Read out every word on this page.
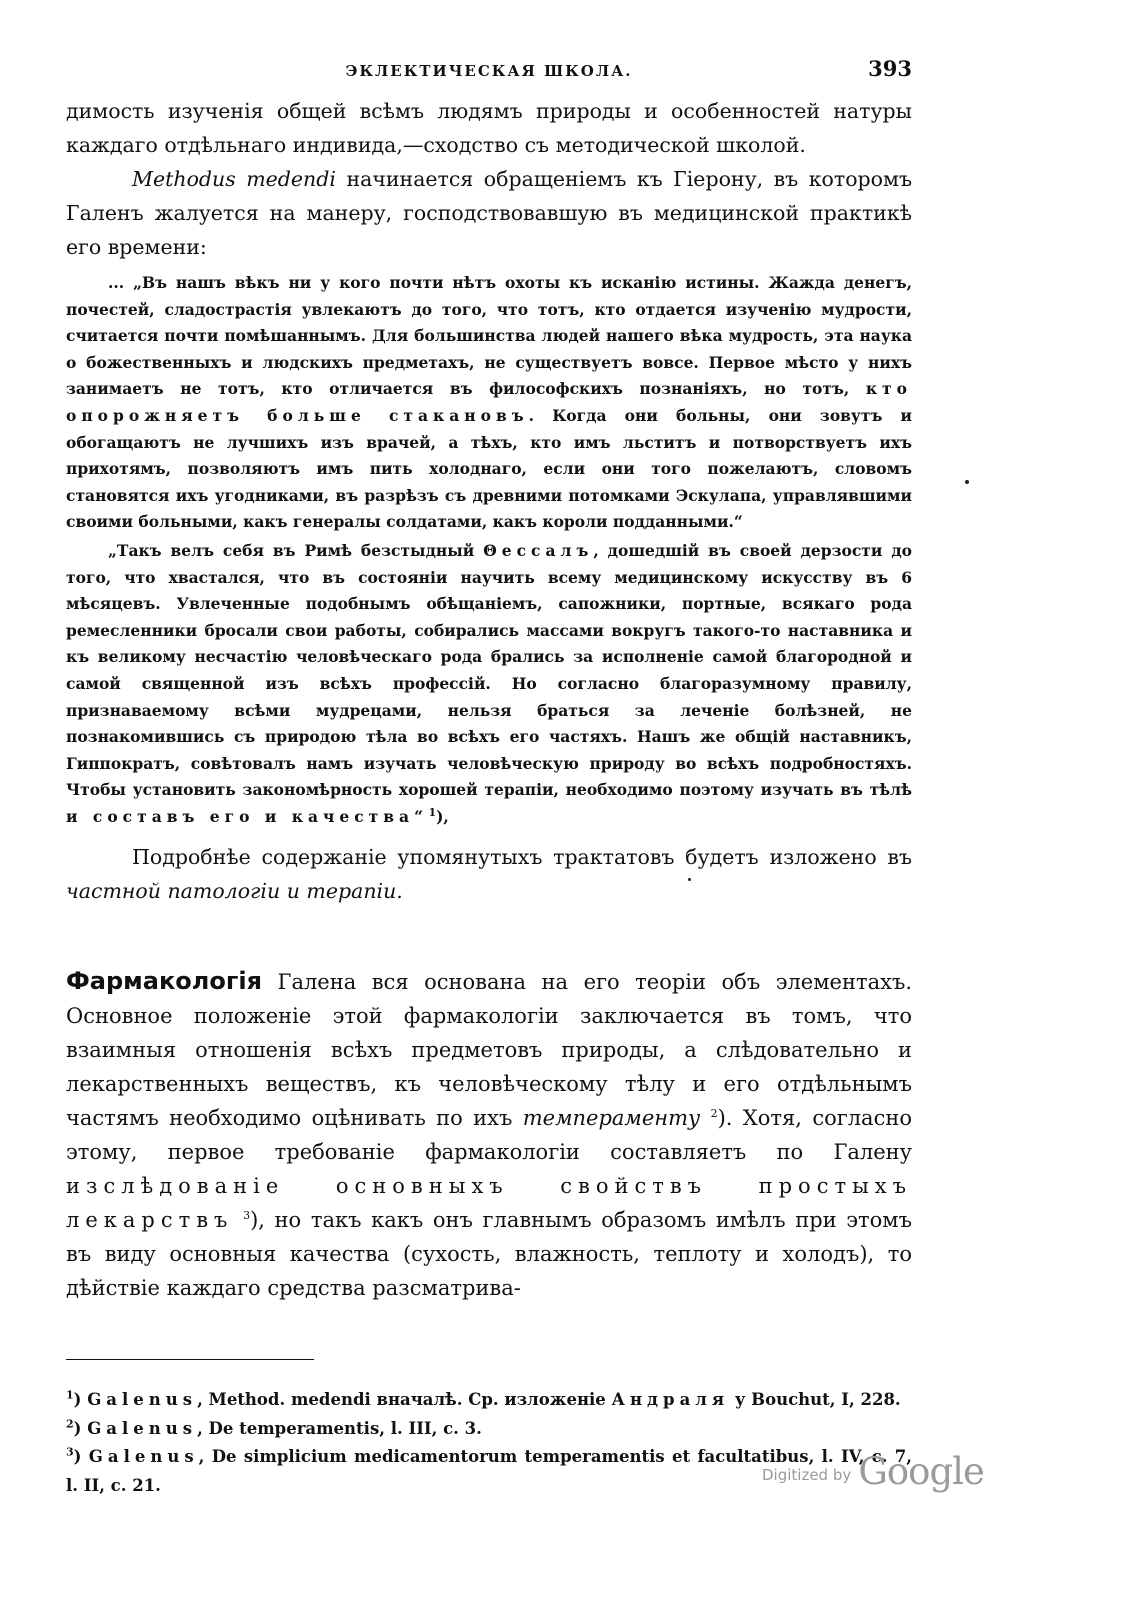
ЭКЛЕКТИЧЕСКАЯ ШКОЛА.	393

димость изученія общей всѣмъ людямъ природы и особенностей натуры каждаго отдѣльнаго индивида,—сходство съ методической школой.

Methodus medendi начинается обращеніемъ къ Гіерону, въ которомъ Галенъ жалуется на манеру, господствовавшую въ медицинской практикѣ его времени:

... „Въ нашъ вѣкъ ни у кого почти нѣтъ охоты къ исканію истины. Жажда денегъ, почестей, сладострастія увлекаютъ до того, что тотъ, кто отдается изученію мудрости, считается почти помѣшаннымъ. Для большинства людей нашего вѣка мудрость, эта наука о божественныхъ и людскихъ предметахъ, не существуетъ вовсе. Первое мѣсто у нихъ занимаетъ не тотъ, кто отличается въ философскихъ познаніяхъ, но тотъ, кто опорожняетъ больше стакановъ. Когда они больны, они зовутъ и обогащаютъ не лучшихъ изъ врачей, а тѣхъ, кто имъ льститъ и потворствуетъ ихъ прихотямъ, позволяютъ имъ пить холоднаго, если они того пожелаютъ, словомъ становятся ихъ угодниками, въ разрѣзъ съ древними потомками Эскулапа, управлявшими своими больными, какъ генералы солдатами, какъ короли подданными.“

„Такъ велъ себя въ Римѣ безстыдный Θессалъ, дошедшій въ своей дерзости до того, что хвастался, что въ состояніи научить всему медицинскому искусству въ 6 мѣсяцевъ. Увлеченные подобнымъ обѣщаніемъ, сапожники, портные, всякаго рода ремесленники бросали свои работы, собирались массами вокругъ такого-то наставника и къ великому несчастію человѣческаго рода брались за исполненіе самой благородной и самой священной изъ всѣхъ профессій. Но согласно благоразумному правилу, признаваемому всѣми мудрецами, нельзя браться за леченіе болѣзней, не познакомившись съ природою тѣла во всѣхъ его частяхъ. Нашъ же общій наставникъ, Гиппократъ, совѣтовалъ намъ изучать человѣческую природу во всѣхъ подробностяхъ. Чтобы установить закономѣрность хорошей терапіи, необходимо поэтому изучать въ тѣлѣ и составъ его и качества“ $^1$),

Подробнѣе содержаніе упомянутыхъ трактатовъ будетъ изложено въ частной патологіи и терапіи.

Фармакологія Галена вся основана на его теоріи объ элементахъ. Основное положеніе этой фармакологіи заключается въ томъ, что взаимныя отношенія всѣхъ предметовъ природы, а слѣдовательно и лекарственныхъ веществъ, къ человѣческому тѣлу и его отдѣльнымъ частямъ необходимо оцѣнивать по ихъ темпераменту $^2$). Хотя, согласно этому, первое требованіе фармакологіи составляетъ по Галену изслѣдованіе основныхъ свойствъ простыхъ лекарствъ $^3$), но такъ какъ онъ главнымъ образомъ имѣлъ при этомъ въ виду основныя качества (сухость, влажность, теплоту и холодъ), то дѣйствіе каждаго средства разсматрива-

$^1$) Galenus, Method. medendi вначалѣ. Ср. изложеніе Андраля у Bouchut, I, 228.

$^2$) Galenus, De temperamentis, l. III, c. 3.

$^3$) Galenus, De simplicium medicamentorum temperamentis et facultatibus, l. IV, c. 7, l. II, c. 21.

Digitized by Google
